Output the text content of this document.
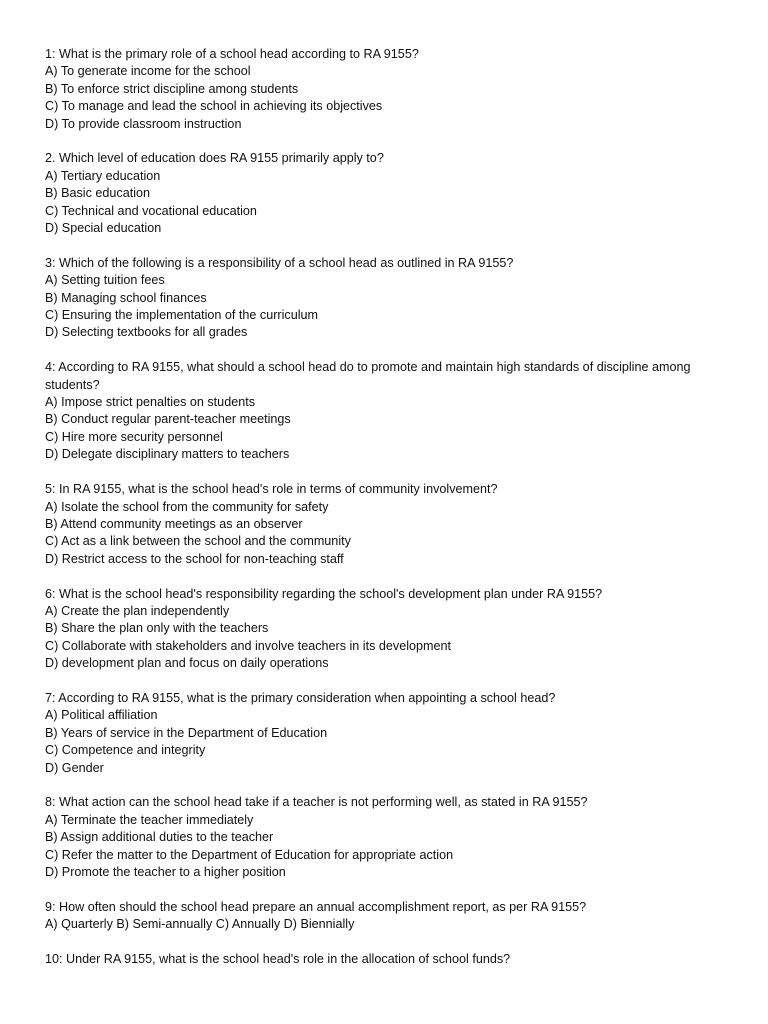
1: What is the primary role of a school head according to RA 9155?
A) To generate income for the school
B) To enforce strict discipline among students
C) To manage and lead the school in achieving its objectives
D) To provide classroom instruction
2. Which level of education does RA 9155 primarily apply to?
A) Tertiary education
B) Basic education
C) Technical and vocational education
D) Special education
3: Which of the following is a responsibility of a school head as outlined in RA 9155?
A) Setting tuition fees
B) Managing school finances
C) Ensuring the implementation of the curriculum
D) Selecting textbooks for all grades
4: According to RA 9155, what should a school head do to promote and maintain high standards of discipline among students?
A) Impose strict penalties on students
B) Conduct regular parent-teacher meetings
C) Hire more security personnel
D) Delegate disciplinary matters to teachers
5: In RA 9155, what is the school head's role in terms of community involvement?
A) Isolate the school from the community for safety
B) Attend community meetings as an observer
C) Act as a link between the school and the community
D) Restrict access to the school for non-teaching staff
6: What is the school head's responsibility regarding the school's development plan under RA 9155?
A) Create the plan independently
B) Share the plan only with the teachers
C) Collaborate with stakeholders and involve teachers in its development
D) development plan and focus on daily operations
7: According to RA 9155, what is the primary consideration when appointing a school head?
A) Political affiliation
B) Years of service in the Department of Education
C) Competence and integrity
D) Gender
8: What action can the school head take if a teacher is not performing well, as stated in RA 9155?
A) Terminate the teacher immediately
B) Assign additional duties to the teacher
C) Refer the matter to the Department of Education for appropriate action
D) Promote the teacher to a higher position
9: How often should the school head prepare an annual accomplishment report, as per RA 9155?
A) Quarterly B) Semi-annually C) Annually D) Biennially
10: Under RA 9155, what is the school head's role in the allocation of school funds?
